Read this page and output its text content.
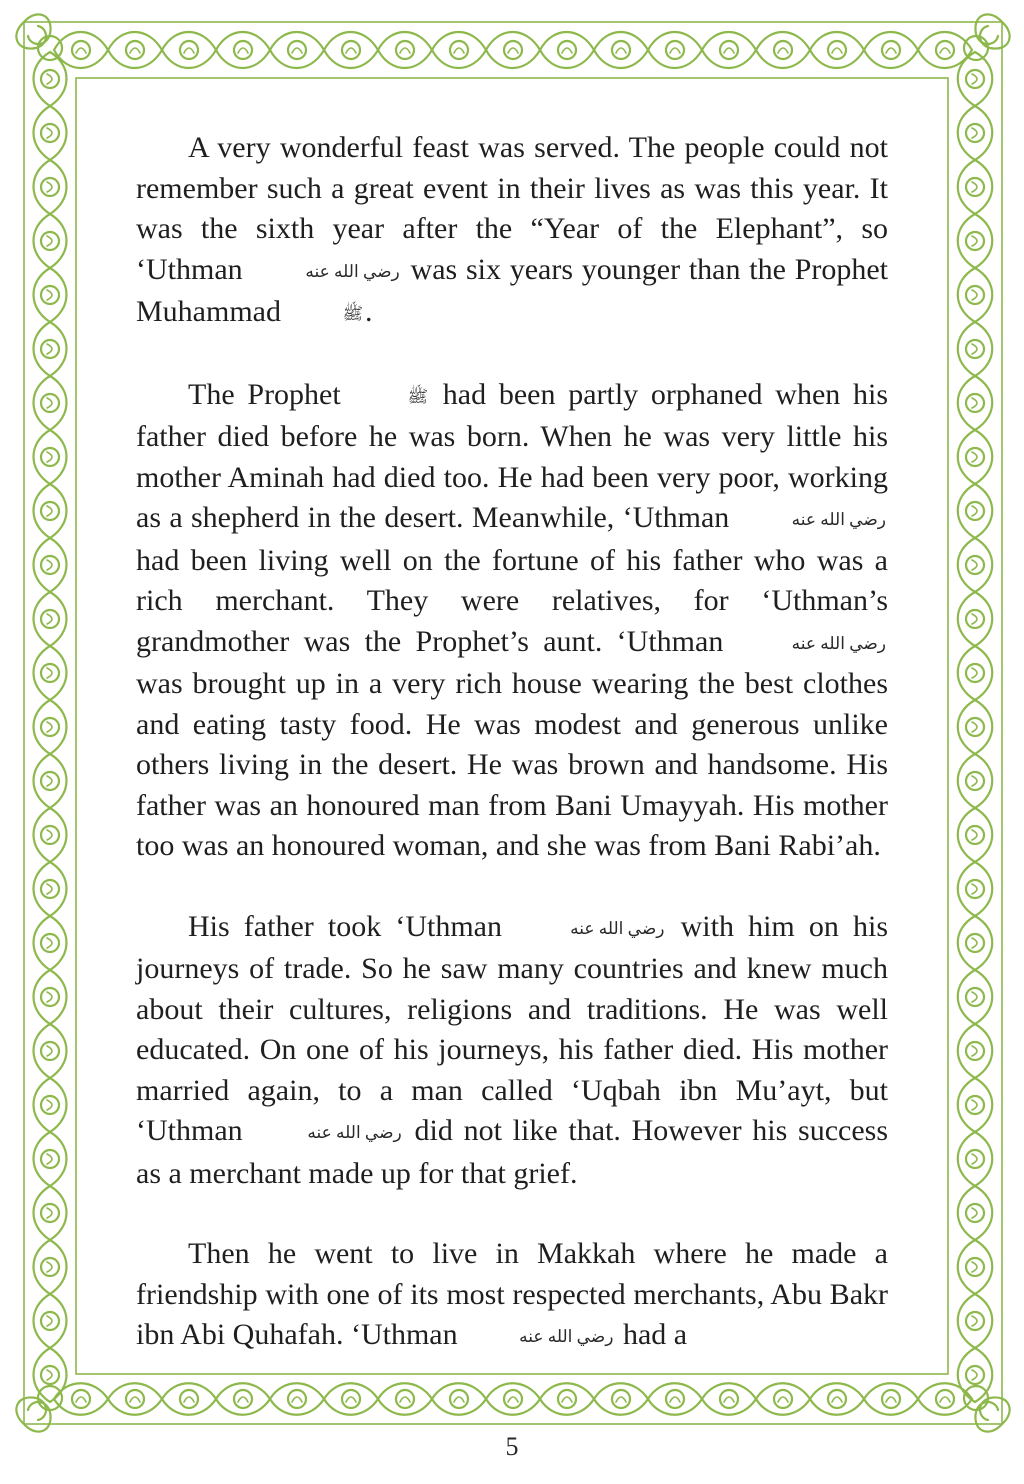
A very wonderful feast was served. The people could not remember such a great event in their lives as was this year. It was the sixth year after the “Year of the Elephant”, so ‘Uthman	رضي الله عنه was six years younger than the Prophet Muhammad	ﷺ.

The Prophet	ﷺ had been partly orphaned when his father died before he was born. When he was very little his mother Aminah had died too. He had been very poor, working as a shepherd in the desert. Meanwhile, ‘Uthman	رضي الله عنه had been living well on the fortune of his father who was a rich merchant. They were relatives, for ‘Uthman’s grandmother was the Prophet’s aunt. ‘Uthman	رضي الله عنه was brought up in a very rich house wearing the best clothes and eating tasty food. He was modest and generous unlike others living in the desert. He was brown and handsome. His father was an honoured man from Bani Umayyah. His mother too was an honoured woman, and she was from Bani Rabi’ah.

His father took ‘Uthman	رضي الله عنه with him on his journeys of trade. So he saw many countries and knew much about their cultures, religions and traditions. He was well educated. On one of his journeys, his father died. His mother married again, to a man called ‘Uqbah ibn Mu’ayt, but ‘Uthman	رضي الله عنه did not like that. However his success as a merchant made up for that grief.

Then he went to live in Makkah where he made a friendship with one of its most respected merchants, Abu Bakr ibn Abi Quhafah. ‘Uthman	رضي الله عنه had a

5
